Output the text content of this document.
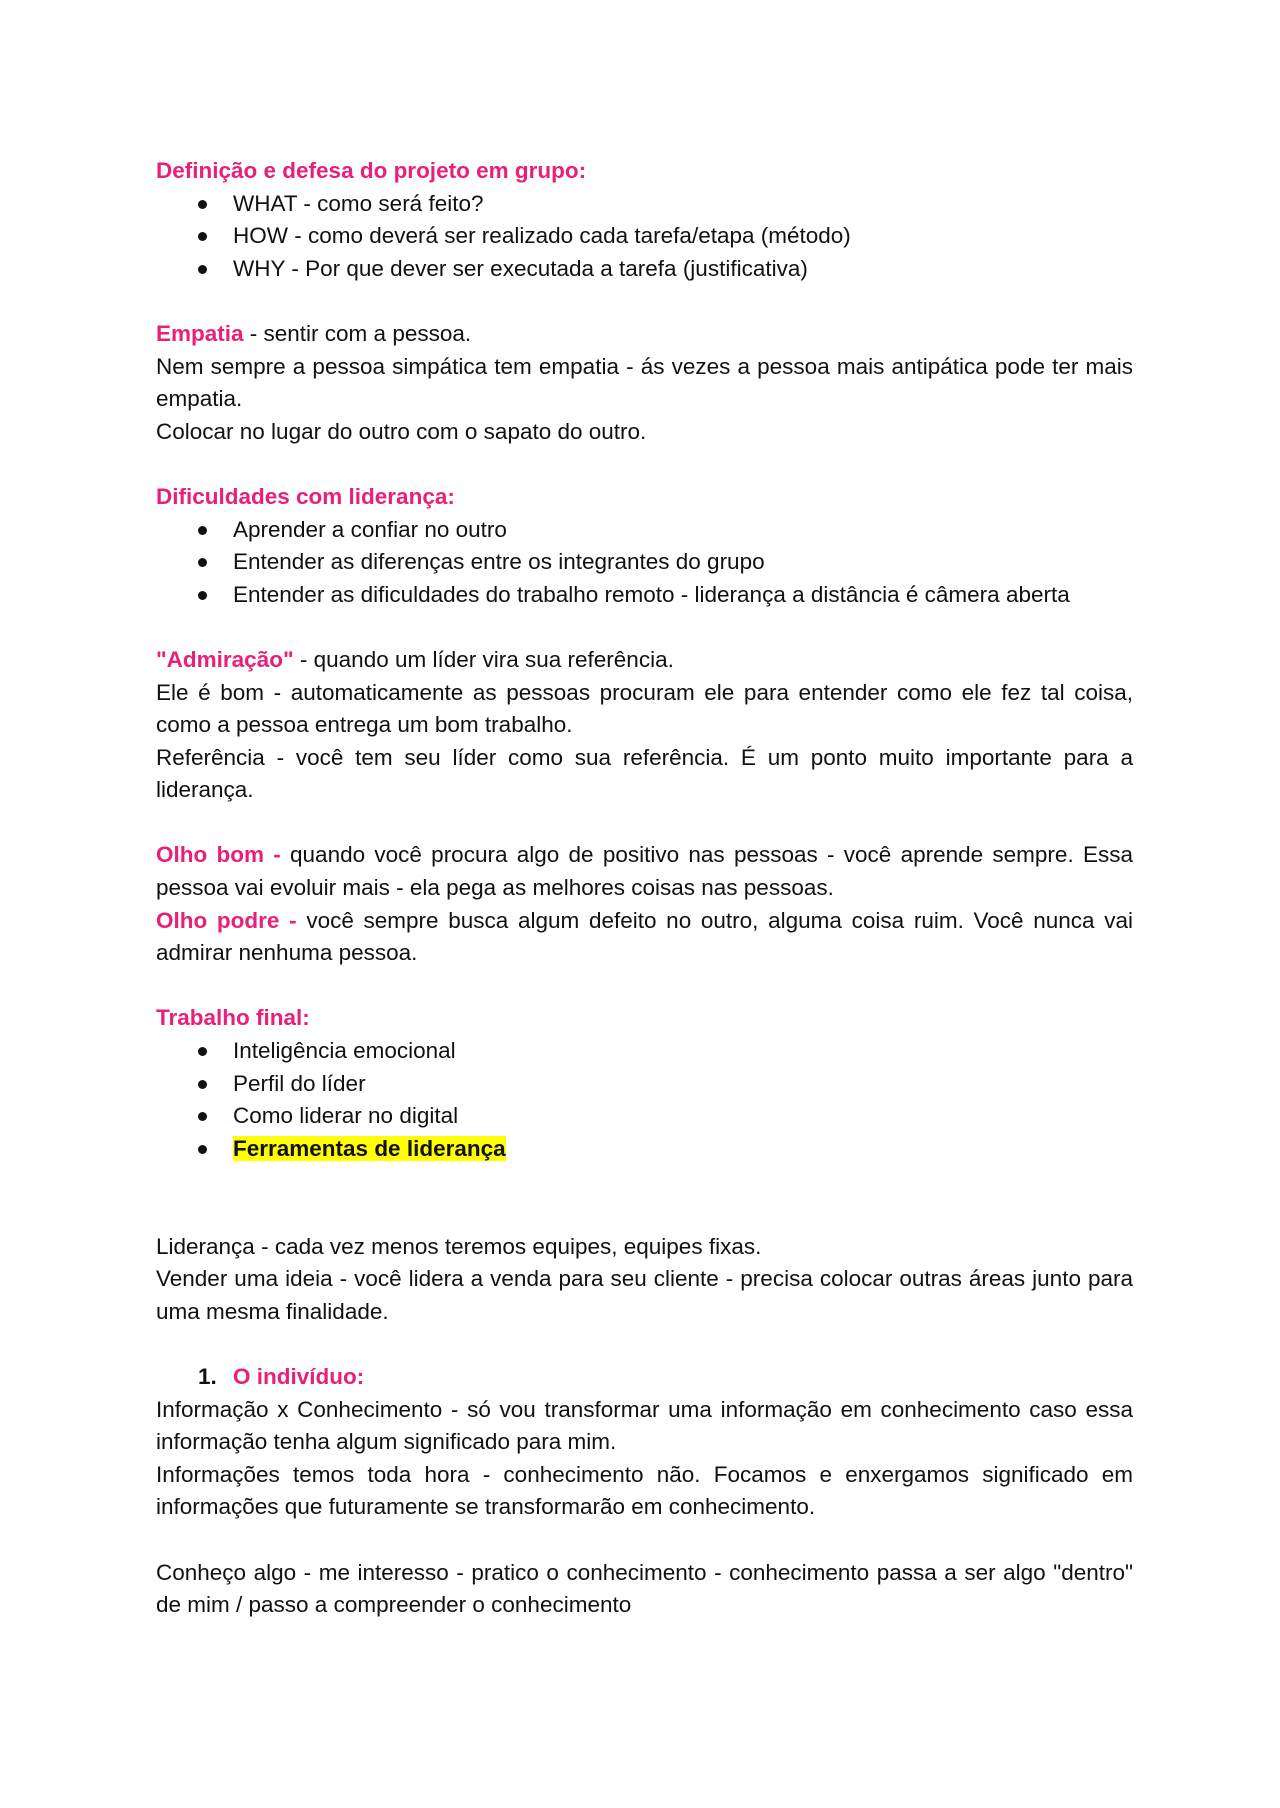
Definição e defesa do projeto em grupo:

WHAT - como será feito?
HOW - como deverá ser realizado cada tarefa/etapa (método)
WHY - Por que dever ser executada a tarefa (justificativa)

Empatia - sentir com a pessoa.

Nem sempre a pessoa simpática tem empatia - ás vezes a pessoa mais antipática pode ter mais empatia.

Colocar no lugar do outro com o sapato do outro.

Dificuldades com liderança:

Aprender a confiar no outro
Entender as diferenças entre os integrantes do grupo
Entender as dificuldades do trabalho remoto - liderança a distância é câmera aberta

"Admiração" - quando um líder vira sua referência.

Ele é bom - automaticamente as pessoas procuram ele para entender como ele fez tal coisa, como a pessoa entrega um bom trabalho.

Referência - você tem seu líder como sua referência. É um ponto muito importante para a liderança.

Olho bom - quando você procura algo de positivo nas pessoas - você aprende sempre. Essa pessoa vai evoluir mais - ela pega as melhores coisas nas pessoas.

Olho podre - você sempre busca algum defeito no outro, alguma coisa ruim. Você nunca vai admirar nenhuma pessoa.

Trabalho final:

Inteligência emocional
Perfil do líder
Como liderar no digital
Ferramentas de liderança

Liderança - cada vez menos teremos equipes, equipes fixas.

Vender uma ideia - você lidera a venda para seu cliente - precisa colocar outras áreas junto para uma mesma finalidade.

1. O indivíduo:

Informação x Conhecimento - só vou transformar uma informação em conhecimento caso essa informação tenha algum significado para mim.

Informações temos toda hora - conhecimento não. Focamos e enxergamos significado em informações que futuramente se transformarão em conhecimento.

Conheço algo - me interesso - pratico o conhecimento - conhecimento passa a ser algo "dentro" de mim / passo a compreender o conhecimento
